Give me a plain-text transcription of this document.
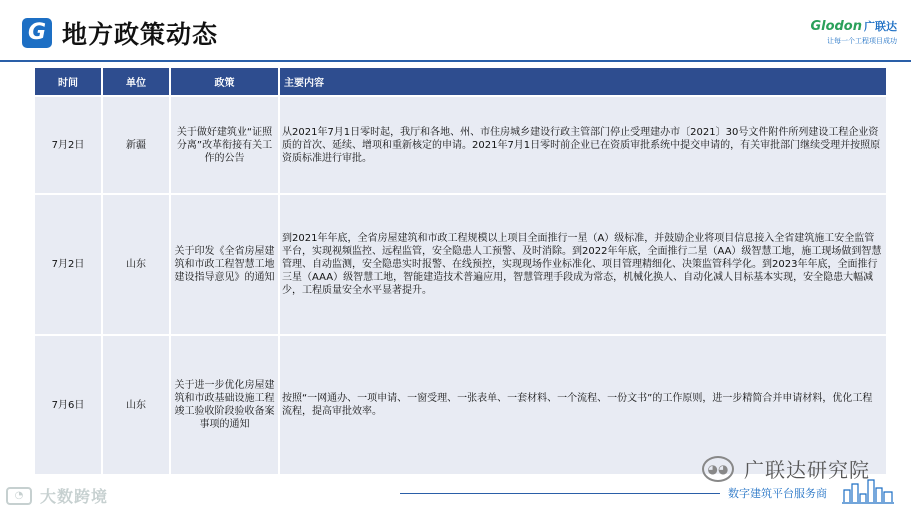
G 地方政策动态	Glodon 广联达
让每一个工程项目成功
时间	单位	政策	主要内容
7月2日	新疆	关于做好建筑业“证照分离”改革衔接有关工作的公告	从2021年7月1日零时起，我厅和各地、州、市住房城乡建设行政主管部门停止受理建办市〔2021〕30号文件附件所列建设工程企业资质的首次、延续、增项和重新核定的申请。2021年7月1日零时前企业已在资质审批系统中提交申请的，有关审批部门继续受理并按照原资质标准进行审批。
7月2日	山东	关于印发《全省房屋建筑和市政工程智慧工地建设指导意见》的通知	到2021年年底，全省房屋建筑和市政工程规模以上项目全面推行一星（A）级标准，并鼓励企业将项目信息接入全省建筑施工安全监管平台，实现视频监控、远程监管，安全隐患人工预警、及时消除。到2022年年底，全面推行二星（AA）级智慧工地，施工现场做到智慧管理、自动监测，安全隐患实时报警、在线预控，实现现场作业标准化、项目管理精细化、决策监管科学化。到2023年年底，全面推行三星（AAA）级智慧工地，智能建造技术普遍应用，智慧管理手段成为常态，机械化换人、自动化减人目标基本实现，安全隐患大幅减少，工程质量安全水平显著提升。
7月6日	山东	关于进一步优化房屋建筑和市政基础设施工程竣工验收阶段验收备案事项的通知	按照“一网通办、一项申请、一窗受理、一张表单、一套材料、一个流程、一份文书”的工作原则，进一步精简合并申请材料，优化工程流程，提高审批效率。
◕◕ 广联达研究院
◔	大数跨境	数字建筑平台服务商
